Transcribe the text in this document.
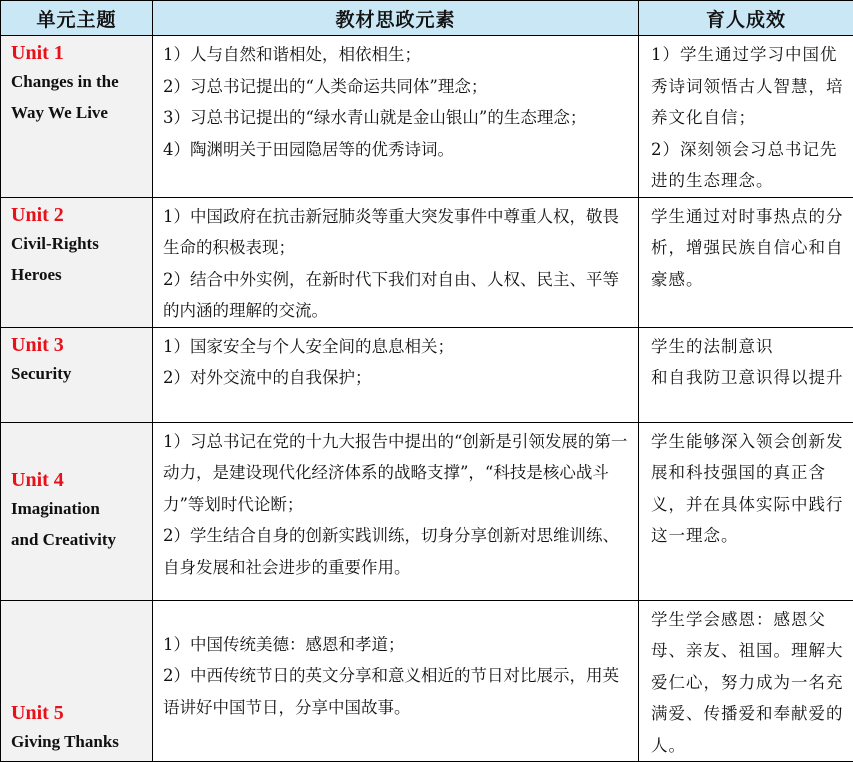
单元主题	教材思政元素	育人成效

Unit 1
Changes in the
Way We Live	1）人与自然和谐相处，相依相生；
2）习总书记提出的“人类命运共同体”理念；
3）习总书记提出的“绿水青山就是金山银山”的生态理念；
4）陶渊明关于田园隐居等的优秀诗词。	1）学生通过学习中国优秀诗词领悟古人智慧，培养文化自信；
2）深刻领会习总书记先进的生态理念。

Unit 2
Civil-Rights
Heroes	1）中国政府在抗击新冠肺炎等重大突发事件中尊重人权，敬畏生命的积极表现；
2）结合中外实例，在新时代下我们对自由、人权、民主、平等的内涵的理解的交流。	学生通过对时事热点的分析，增强民族自信心和自豪感。

Unit 3
Security	1）国家安全与个人安全间的息息相关；
2）对外交流中的自我保护；	学生的法制意识
和自我防卫意识得以提升

Unit 4
Imagination
and Creativity	1）习总书记在党的十九大报告中提出的“创新是引领发展的第一动力，是建设现代化经济体系的战略支撑”，“科技是核心战斗力”等划时代论断；
2）学生结合自身的创新实践训练，切身分享创新对思维训练、自身发展和社会进步的重要作用。	学生能够深入领会创新发展和科技强国的真正含义，并在具体实际中践行这一理念。

Unit 5
Giving Thanks	1）中国传统美德：感恩和孝道；
2）中西传统节日的英文分享和意义相近的节日对比展示，用英语讲好中国节日，分享中国故事。	学生学会感恩：感恩父母、亲友、祖国。理解大爱仁心，努力成为一名充满爱、传播爱和奉献爱的人。
